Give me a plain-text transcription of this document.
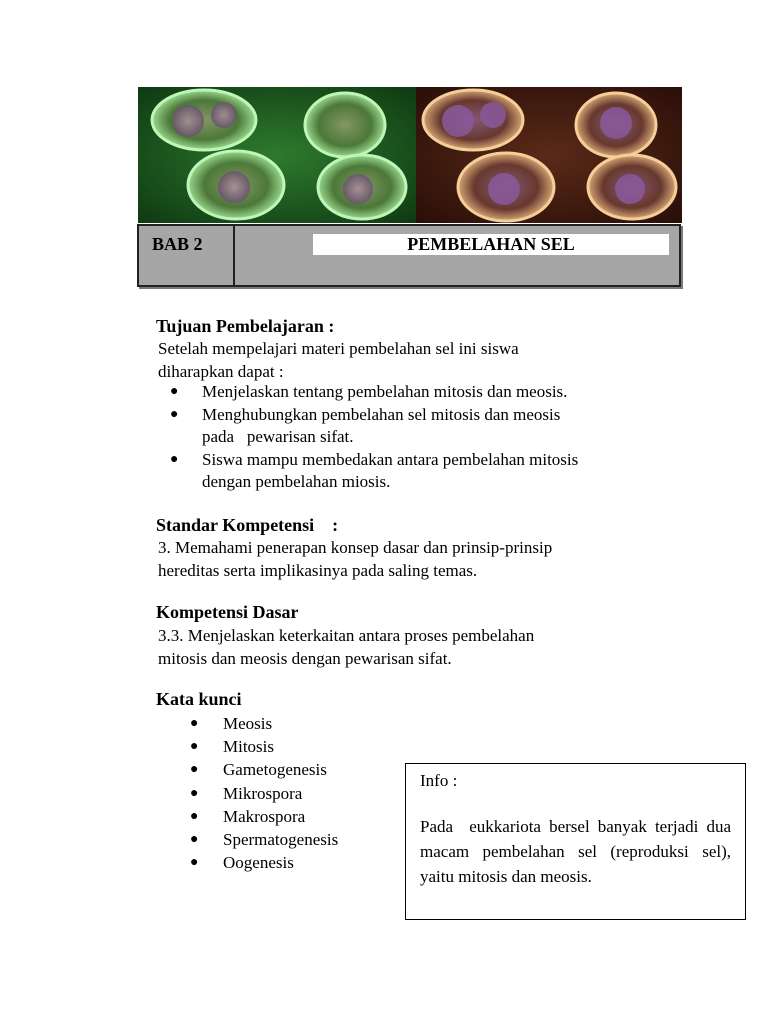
BAB 2	PEMBELAHAN SEL
Tujuan Pembelajaran :
Setelah mempelajari materi pembelahan sel ini siswa
diharapkan dapat :
● Menjelaskan tentang pembelahan mitosis dan meosis.
● Menghubungkan pembelahan sel mitosis dan meosis
pada   pewarisan sifat.
● Siswa mampu membedakan antara pembelahan mitosis
dengan pembelahan miosis.
Standar Kompetensi    :
3. Memahami penerapan konsep dasar dan prinsip-prinsip
hereditas serta implikasinya pada saling temas.
Kompetensi Dasar
3.3. Menjelaskan keterkaitan antara proses pembelahan
mitosis dan meosis dengan pewarisan sifat.
Kata kunci
● Meosis
● Mitosis
● Gametogenesis
● Mikrospora
● Makrospora
● Spermatogenesis
● Oogenesis
Info :
Pada  eukkariota bersel banyak terjadi dua macam pembelahan sel (reproduksi sel), yaitu mitosis dan meosis.
